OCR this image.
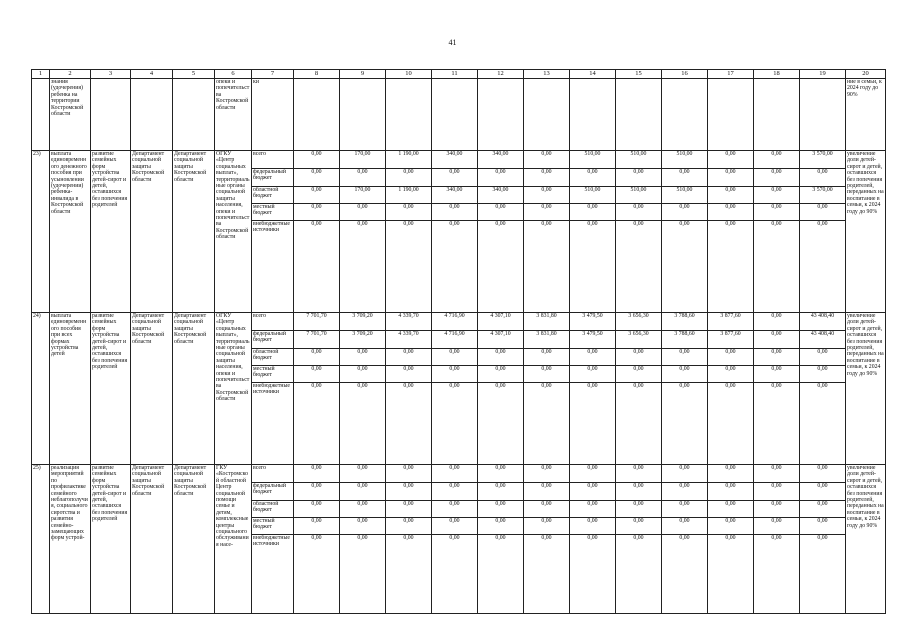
41
1	2	3	4	5	6	7	8	9	10	11	12	13	14	15	16	17	18	19	20
	знания (удочерения) ребенка на территории Костромской области				опеки и попечительства Костромской области	ки													ние в семьи, к 2024 году до 90%
23)	выплата единовременного денежного пособия при усыновлении (удочерении) ребенка-инвалида в Костромской области	развитие семейных форм устройства детей-сирот и детей, оставшихся без попечения родителей	Департамент социальной защиты Костромской области	Департамент социальной защиты Костромской области	ОГКУ «Центр социальных выплат», территориальные органы социальной защиты населения, опеки и попечительства Костромской области	всего	0,00	170,00	1 190,00	340,00	340,00	0,00	510,00	510,00	510,00	0,00	0,00	3 570,00	увеличение доли детей-сирот и детей, оставшихся без попечения родителей, переданных на воспитание в семьи, к 2024 году до 90%
						федеральный бюджет	0,00	0,00	0,00	0,00	0,00	0,00	0,00	0,00	0,00	0,00	0,00	0,00	
						областной бюджет	0,00	170,00	1 190,00	340,00	340,00	0,00	510,00	510,00	510,00	0,00	0,00	3 570,00	
						местный бюджет	0,00	0,00	0,00	0,00	0,00	0,00	0,00	0,00	0,00	0,00	0,00	0,00	
						внебюджетные источники	0,00	0,00	0,00	0,00	0,00	0,00	0,00	0,00	0,00	0,00	0,00	0,00	
24)	выплата единовременного пособия при всех формах устройства детей	развитие семейных форм устройства детей-сирот и детей, оставшихся без попечения родителей	Департамент социальной защиты Костромской области	Департамент социальной защиты Костромской области	ОГКУ «Центр социальных выплат», территориальные органы социальной защиты населения, опеки и попечительства Костромской области	всего	7 701,70	3 709,20	4 339,70	4 716,90	4 307,10	3 831,80	3 479,50	3 656,30	3 788,60	3 877,60	0,00	43 408,40	увеличение доли детей-сирот и детей, оставшихся без попечения родителей, переданных на воспитание в семьи, к 2024 году до 90%
						федеральный бюджет	7 701,70	3 709,20	4 339,70	4 716,90	4 307,10	3 831,80	3 479,50	3 656,30	3 788,60	3 877,60	0,00	43 408,40	
						областной бюджет	0,00	0,00	0,00	0,00	0,00	0,00	0,00	0,00	0,00	0,00	0,00	0,00	
						местный бюджет	0,00	0,00	0,00	0,00	0,00	0,00	0,00	0,00	0,00	0,00	0,00	0,00	
						внебюджетные источники	0,00	0,00	0,00	0,00	0,00	0,00	0,00	0,00	0,00	0,00	0,00	0,00	
25)	реализация мероприятий по профилактике семейного неблагополучия, социального сиротства и развития семейно-замещающих форм устрой-	развитие семейных форм устройства детей-сирот и детей, оставшихся без попечения родителей	Департамент социальной защиты Костромской области	Департамент социальной защиты Костромской области	ГКУ «Костромской областной Центр социальной помощи семье и детям, комплексные центры социального обслуживания насе-	всего	0,00	0,00	0,00	0,00	0,00	0,00	0,00	0,00	0,00	0,00	0,00	0,00	увеличение доли детей-сирот и детей, оставшихся без попечения родителей, переданных на воспитание в семьи, к 2024 году до 90%
						федеральный бюджет	0,00	0,00	0,00	0,00	0,00	0,00	0,00	0,00	0,00	0,00	0,00	0,00	
						областной бюджет	0,00	0,00	0,00	0,00	0,00	0,00	0,00	0,00	0,00	0,00	0,00	0,00	
						местный бюджет	0,00	0,00	0,00	0,00	0,00	0,00	0,00	0,00	0,00	0,00	0,00	0,00	
						внебюджетные источники	0,00	0,00	0,00	0,00	0,00	0,00	0,00	0,00	0,00	0,00	0,00	0,00	
